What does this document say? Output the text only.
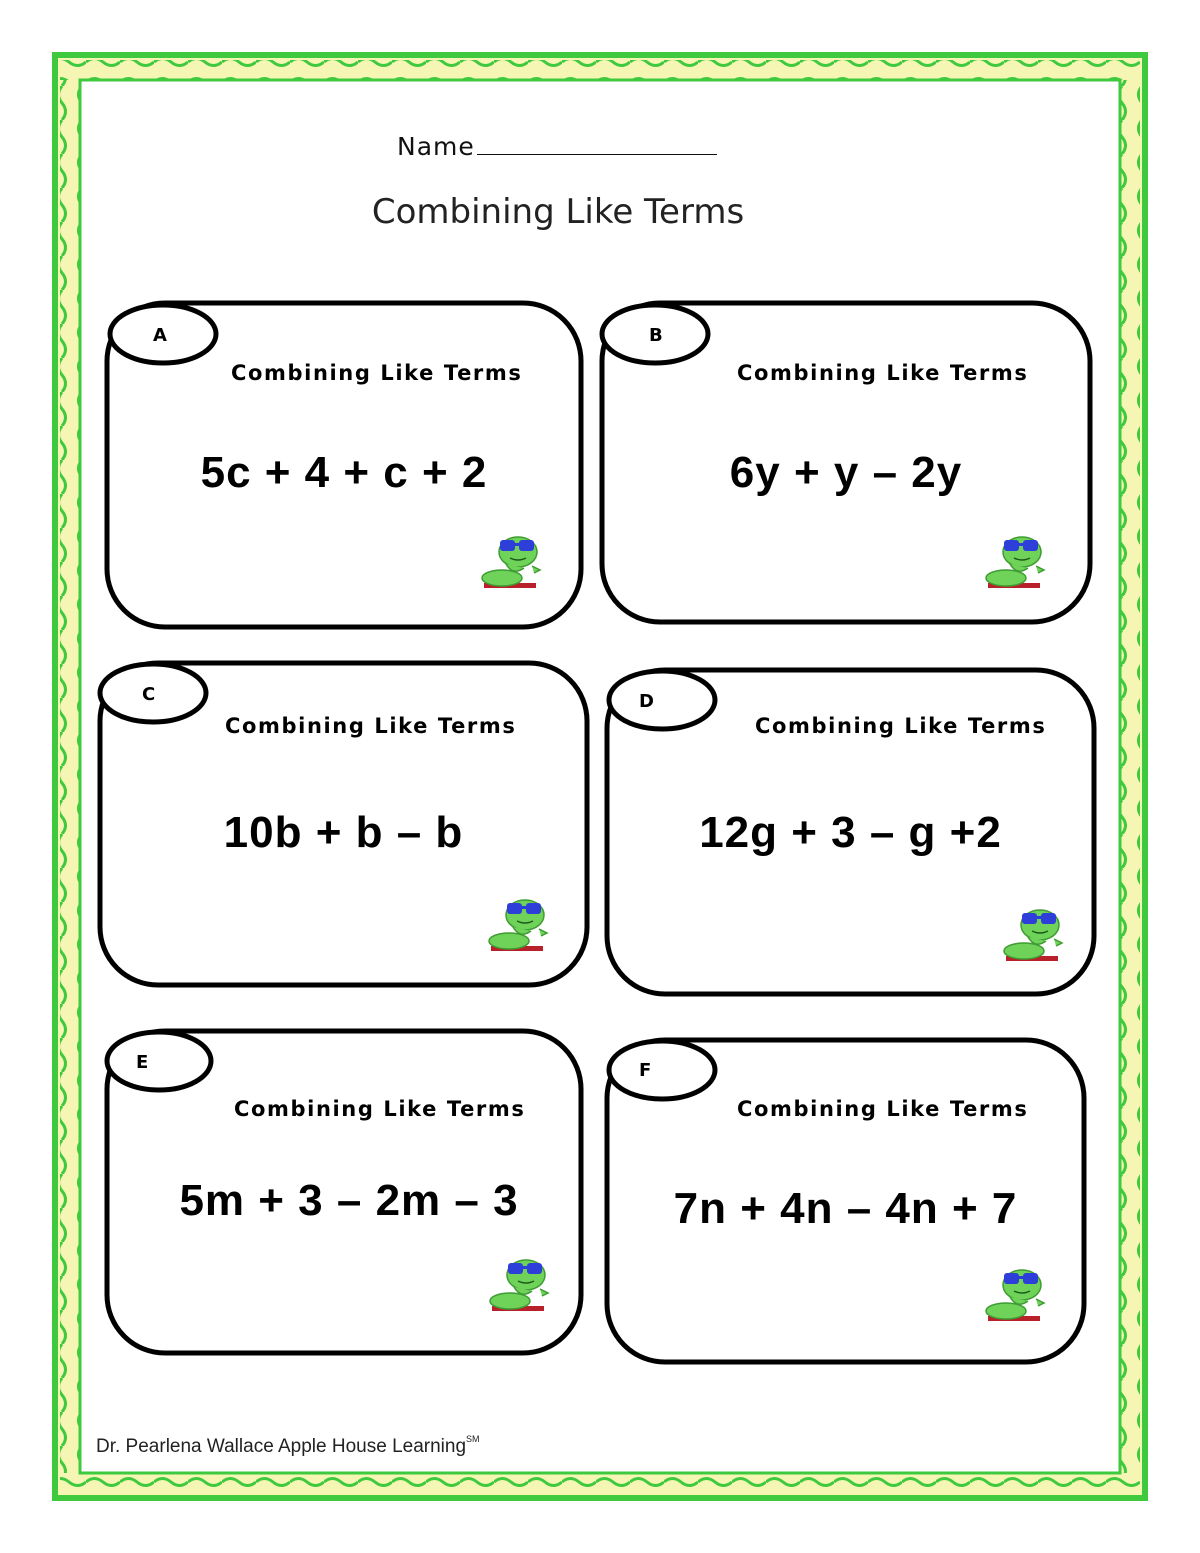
Name
Combining Like Terms
A
Combining Like Terms
5c + 4 + c + 2
B
Combining Like Terms
6y + y – 2y
C
Combining Like Terms
10b + b – b
D
Combining Like Terms
12g + 3 – g +2
E
Combining Like Terms
5m + 3 – 2m – 3
F
Combining Like Terms
7n + 4n – 4n + 7
Dr. Pearlena Wallace Apple House Learning℠
